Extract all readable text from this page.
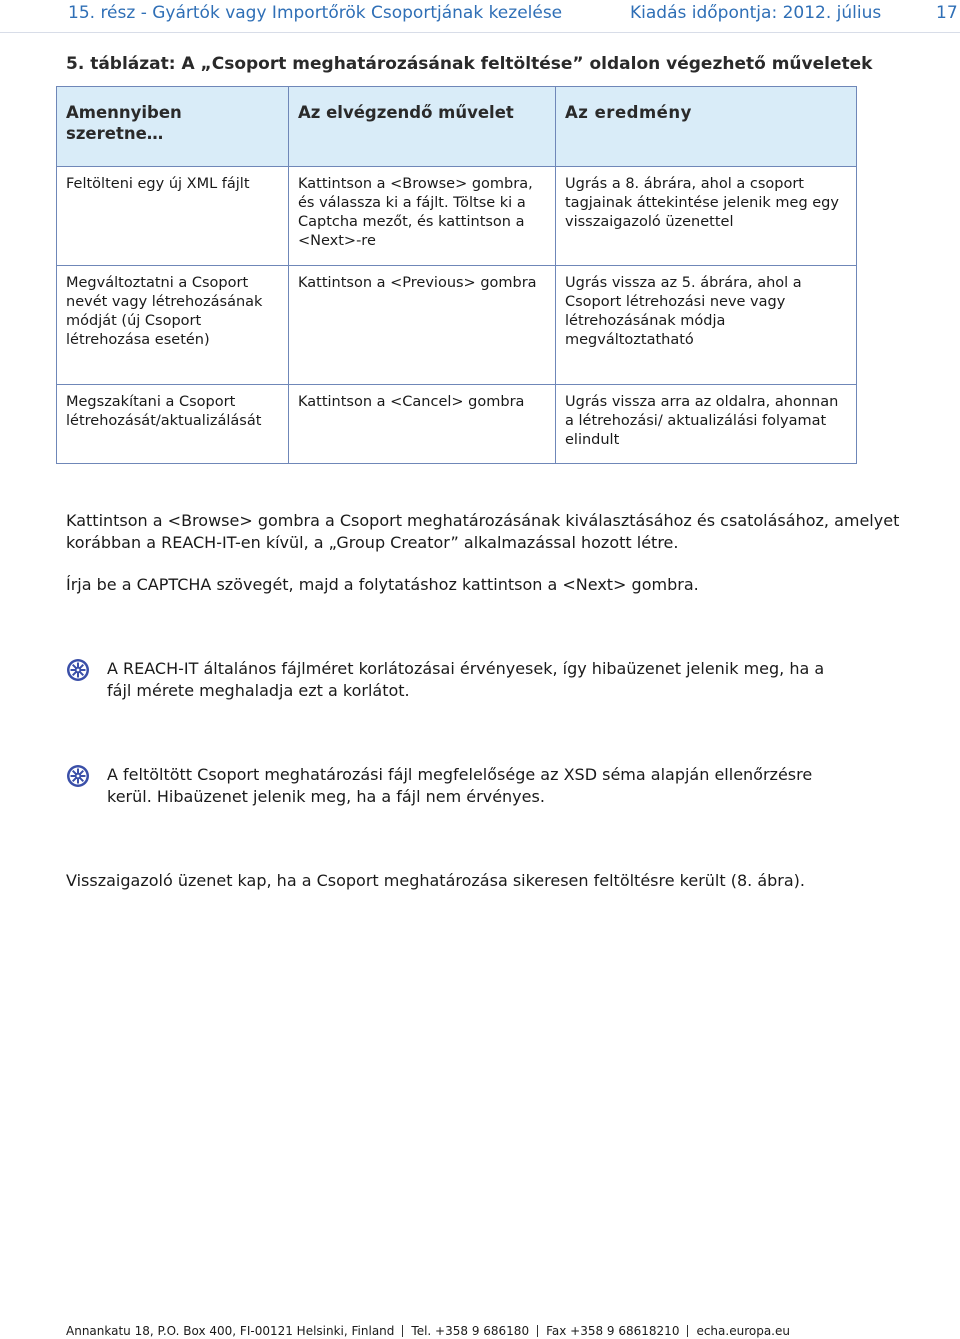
15. rész - Gyártók vagy Importőrök Csoportjának kezelése	Kiadás időpontja: 2012. július	17
5. táblázat: A „Csoport meghatározásának feltöltése” oldalon végezhető műveletek
Amennyiben szeretne…	Az elvégzendő művelet	Az eredmény
Feltölteni egy új XML fájlt	Kattintson a <Browse> gombra, és válassza ki a fájlt. Töltse ki a Captcha mezőt, és kattintson a <Next>-re	Ugrás a 8. ábrára, ahol a csoport tagjainak áttekintése jelenik meg egy visszaigazoló üzenettel
Megváltoztatni a Csoport nevét vagy létrehozásának módját (új Csoport létrehozása esetén)	Kattintson a <Previous> gombra	Ugrás vissza az 5. ábrára, ahol a Csoport létrehozási neve vagy létrehozásának módja megváltoztatható
Megszakítani a Csoport létrehozását/aktualizálását	Kattintson a <Cancel> gombra	Ugrás vissza arra az oldalra, ahonnan a létrehozási/ aktualizálási folyamat elindult
Kattintson a <Browse> gombra a Csoport meghatározásának kiválasztásához és csatolásához, amelyet korábban a REACH-IT-en kívül, a „Group Creator” alkalmazással hozott létre.
Írja be a CAPTCHA szövegét, majd a folytatáshoz kattintson a <Next> gombra.
A REACH-IT általános fájlméret korlátozásai érvényesek, így hibaüzenet jelenik meg, ha a fájl mérete meghaladja ezt a korlátot.
A feltöltött Csoport meghatározási fájl megfelelősége az XSD séma alapján ellenőrzésre kerül. Hibaüzenet jelenik meg, ha a fájl nem érvényes.
Visszaigazoló üzenet kap, ha a Csoport meghatározása sikeresen feltöltésre került (8. ábra).
Annankatu 18, P.O. Box 400, FI-00121 Helsinki, Finland Tel. +358 9 686180 Fax +358 9 68618210 echa.europa.eu
